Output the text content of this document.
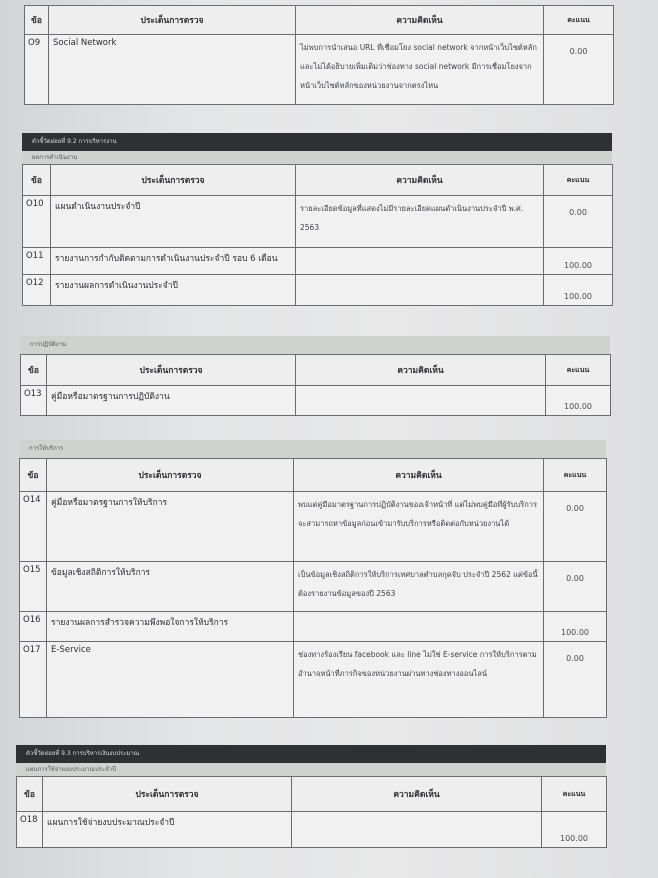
ข้อ	ประเด็นการตรวจ	ความคิดเห็น	คะแนน
O9	Social Network	ไม่พบการนำเสนอ URL ที่เชื่อมโยง social network จากหน้าเว็บไซต์หลัก และไม่ได้อธิบายเพิ่มเติมว่าช่องทาง social network มีการเชื่อมโยงจากหน้าเว็บไซต์หลักของหน่วยงานจากตรงไหน	0.00
ตัวชี้วัดย่อยที่ 9.2 การบริหารงาน
ผลการดำเนินงาน
ข้อ	ประเด็นการตรวจ	ความคิดเห็น	คะแนน
O10	แผนดำเนินงานประจำปี	รายละเอียดข้อมูลที่แสดงไม่มีรายละเอียดแผนดำเนินงานประจำปี พ.ศ. 2563	0.00
O11	รายงานการกำกับติดตามการดำเนินงานประจำปี รอบ 6 เดือน		100.00
O12	รายงานผลการดำเนินงานประจำปี		100.00
การปฏิบัติงาน
ข้อ	ประเด็นการตรวจ	ความคิดเห็น	คะแนน
O13	คู่มือหรือมาตรฐานการปฏิบัติงาน		100.00
การให้บริการ
ข้อ	ประเด็นการตรวจ	ความคิดเห็น	คะแนน
O14	คู่มือหรือมาตรฐานการให้บริการ	พบแต่คู่มือมาตรฐานการปฏิบัติงานของเจ้าหน้าที่ แต่ไม่พบคู่มือที่ผู้รับบริการจะสามารถหาข้อมูลก่อนเข้ามารับบริการหรือติดต่อกับหน่วยงานได้	0.00
O15	ข้อมูลเชิงสถิติการให้บริการ	เป็นข้อมูลเชิงสถิติการให้บริการเทศบาลตำบลกุดจับ ประจำปี 2562 แต่ข้อนี้ต้องรายงานข้อมูลของปี 2563	0.00
O16	รายงานผลการสำรวจความพึงพอใจการให้บริการ		100.00
O17	E-Service	ช่องทางร้องเรียน facebook และ line ไม่ใช่ E-service การให้บริการตามอำนาจหน้าที่ภารกิจของหน่วยงานผ่านทางช่องทางออนไลน์	0.00
ตัวชี้วัดย่อยที่ 9.3 การบริหารเงินงบประมาณ
แผนการใช้จ่ายงบประมาณประจำปี
ข้อ	ประเด็นการตรวจ	ความคิดเห็น	คะแนน
O18	แผนการใช้จ่ายงบประมาณประจำปี		100.00
